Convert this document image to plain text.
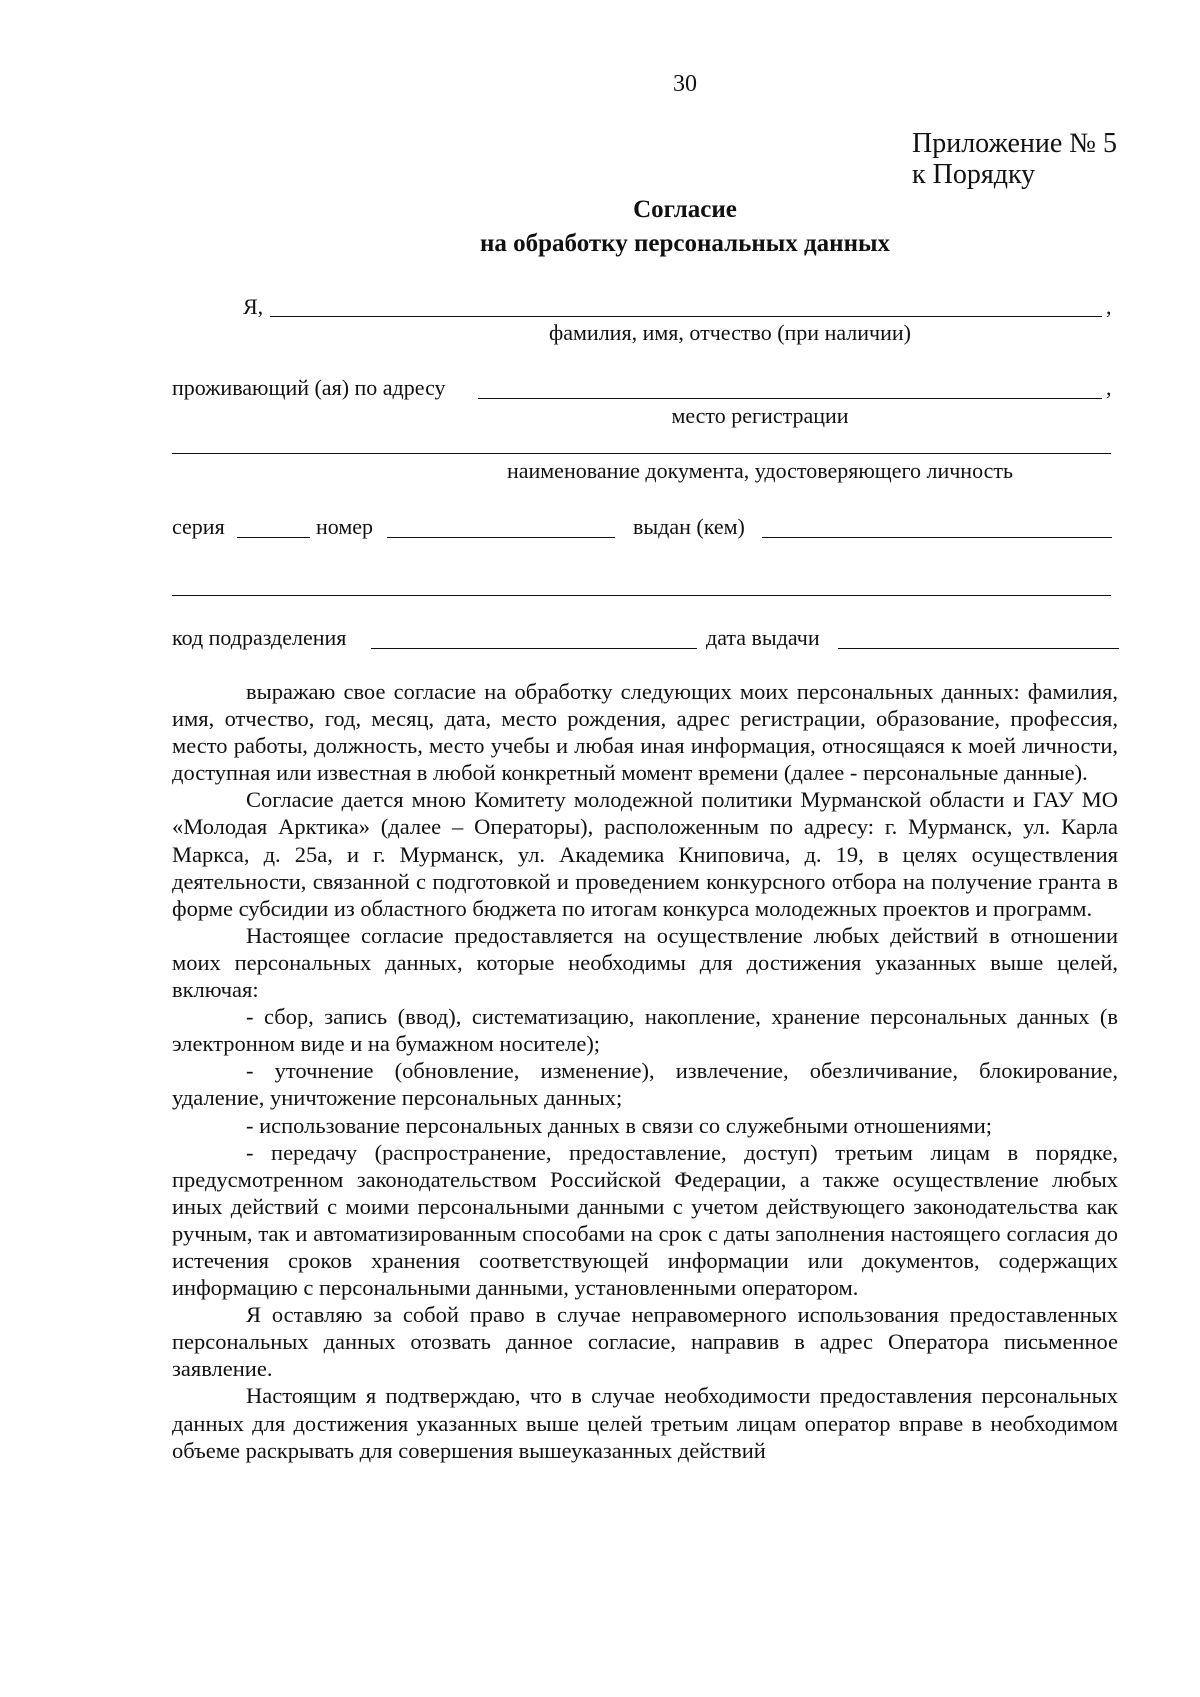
30
Приложение № 5
к Порядку
Согласие
на обработку персональных данных
Я,	,
фамилия, имя, отчество (при наличии)
проживающий (ая) по адресу	,
место регистрации
наименование документа, удостоверяющего личность
серия	номер	выдан (кем)
код подразделения	дата выдачи

выражаю свое согласие на обработку следующих моих персональных данных: фамилия, имя, отчество, год, месяц, дата, место рождения, адрес регистрации, образование, профессия, место работы, должность, место учебы и любая иная информация, относящаяся к моей личности, доступная или известная в любой конкретный момент времени (далее - персональные данные).

Согласие дается мною Комитету молодежной политики Мурманской области и ГАУ МО «Молодая Арктика» (далее – Операторы), расположенным по адресу: г. Мурманск, ул. Карла Маркса, д. 25а, и г. Мурманск, ул. Академика Книповича, д. 19, в целях осуществления деятельности, связанной с подготовкой и проведением конкурсного отбора на получение гранта в форме субсидии из областного бюджета по итогам конкурса молодежных проектов и программ.

Настоящее согласие предоставляется на осуществление любых действий в отношении моих персональных данных, которые необходимы для достижения указанных выше целей, включая:

- сбор, запись (ввод), систематизацию, накопление, хранение персональных данных (в электронном виде и на бумажном носителе);

- уточнение (обновление, изменение), извлечение, обезличивание, блокирование, удаление, уничтожение персональных данных;

- использование персональных данных в связи со служебными отношениями;

- передачу (распространение, предоставление, доступ) третьим лицам в порядке, предусмотренном законодательством Российской Федерации, а также осуществление любых иных действий с моими персональными данными с учетом действующего законодательства как ручным, так и автоматизированным способами на срок с даты заполнения настоящего согласия до истечения сроков хранения соответствующей информации или документов, содержащих информацию с персональными данными, установленными оператором.

Я оставляю за собой право в случае неправомерного использования предоставленных персональных данных отозвать данное согласие, направив в адрес Оператора письменное заявление.

Настоящим я подтверждаю, что в случае необходимости предоставления персональных данных для достижения указанных выше целей третьим лицам оператор вправе в необходимом объеме раскрывать для совершения вышеуказанных действий
